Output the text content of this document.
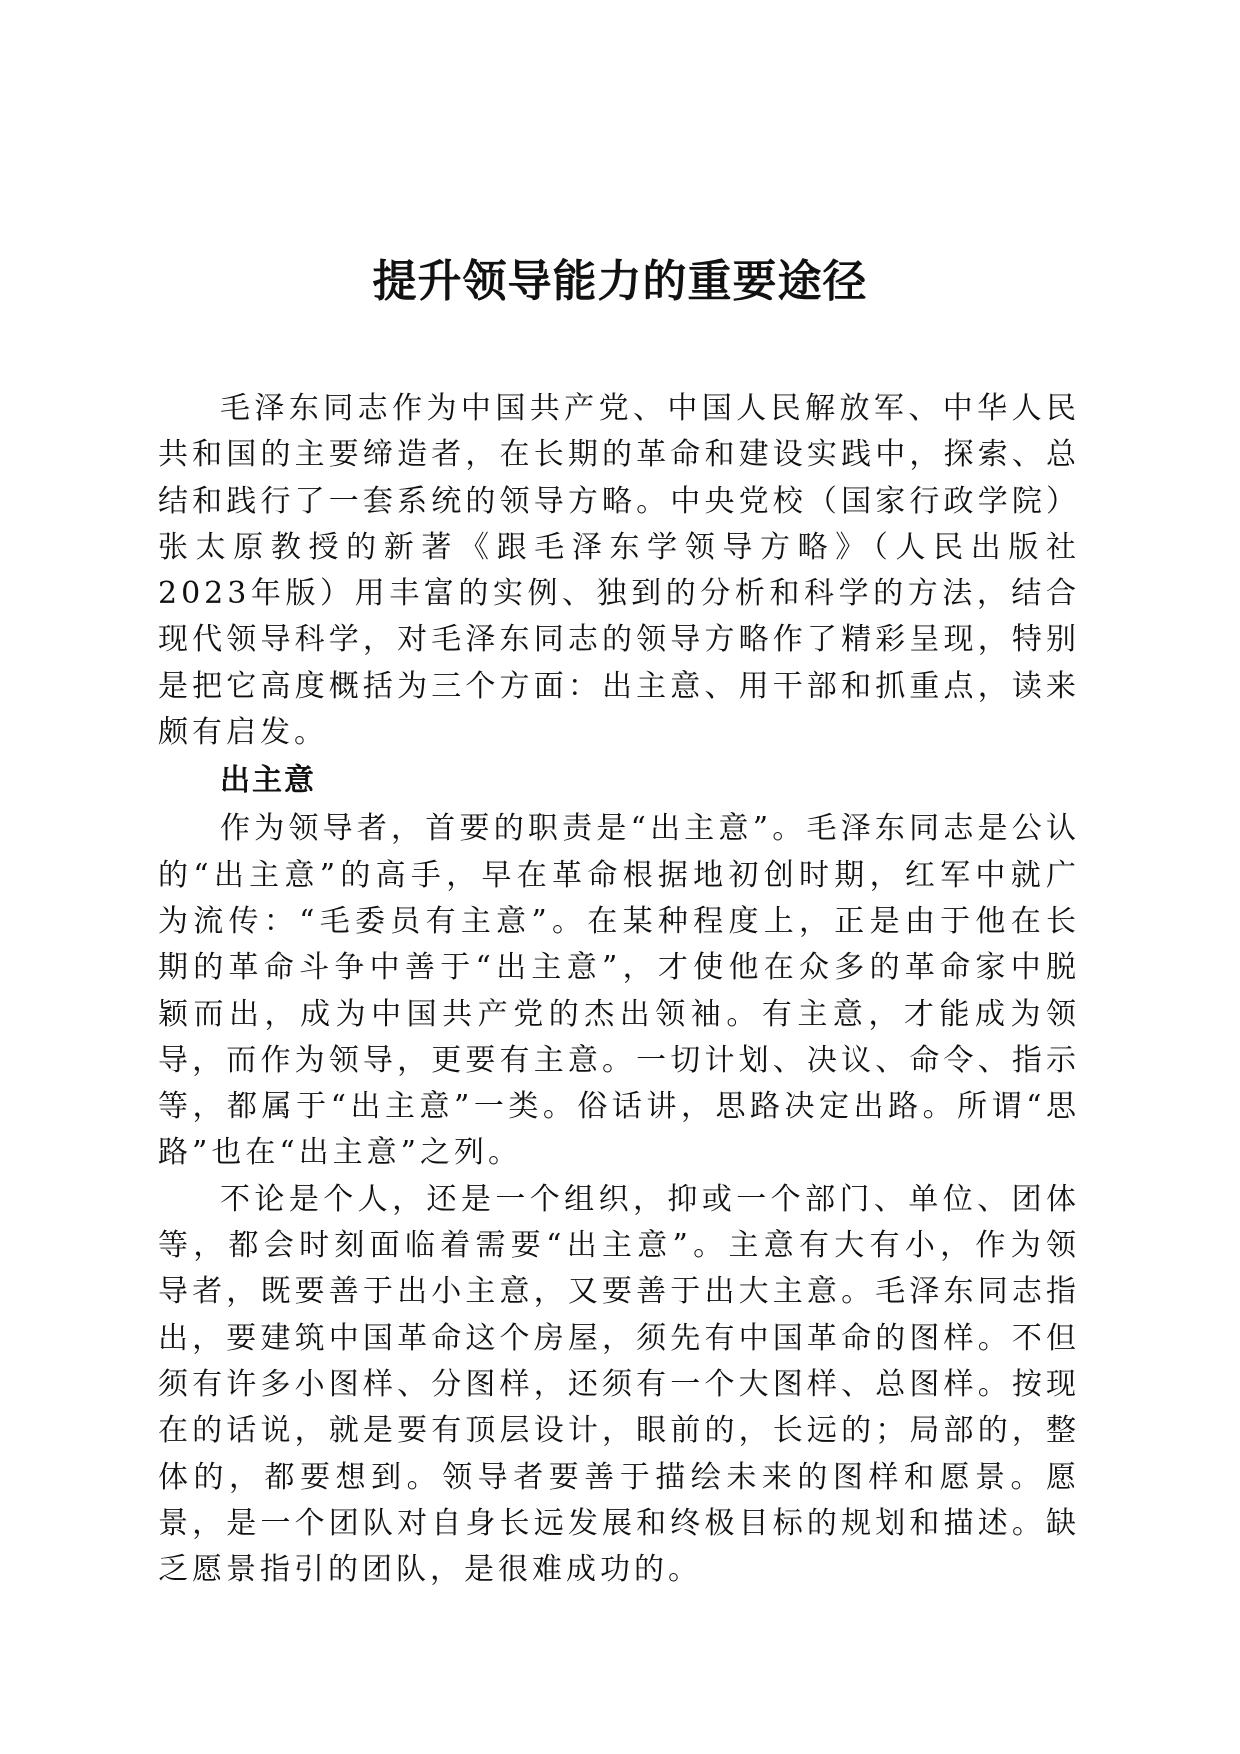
提升领导能力的重要途径

毛泽东同志作为中国共产党、中国人民解放军、中华人民共和国的主要缔造者，在长期的革命和建设实践中，探索、总结和践行了一套系统的领导方略。中央党校（国家行政学院）张太原教授的新著《跟毛泽东学领导方略》（人民出版社 2023年版）用丰富的实例、独到的分析和科学的方法，结合现代领导科学，对毛泽东同志的领导方略作了精彩呈现，特别是把它高度概括为三个方面：出主意、用干部和抓重点，读来颇有启发。

出主意

作为领导者，首要的职责是“出主意”。毛泽东同志是公认的“出主意”的高手，早在革命根据地初创时期，红军中就广为流传：“毛委员有主意”。在某种程度上，正是由于他在长期的革命斗争中善于“出主意”，才使他在众多的革命家中脱颖而出，成为中国共产党的杰出领袖。有主意，才能成为领导，而作为领导，更要有主意。一切计划、决议、命令、指示等，都属于“出主意”一类。俗话讲，思路决定出路。所谓“思路”也在“出主意”之列。

不论是个人，还是一个组织，抑或一个部门、单位、团体等，都会时刻面临着需要“出主意”。主意有大有小，作为领导者，既要善于出小主意，又要善于出大主意。毛泽东同志指出，要建筑中国革命这个房屋，须先有中国革命的图样。不但须有许多小图样、分图样，还须有一个大图样、总图样。按现在的话说，就是要有顶层设计，眼前的，长远的；局部的，整体的，都要想到。领导者要善于描绘未来的图样和愿景。愿景，是一个团队对自身长远发展和终极目标的规划和描述。缺乏愿景指引的团队，是很难成功的。
